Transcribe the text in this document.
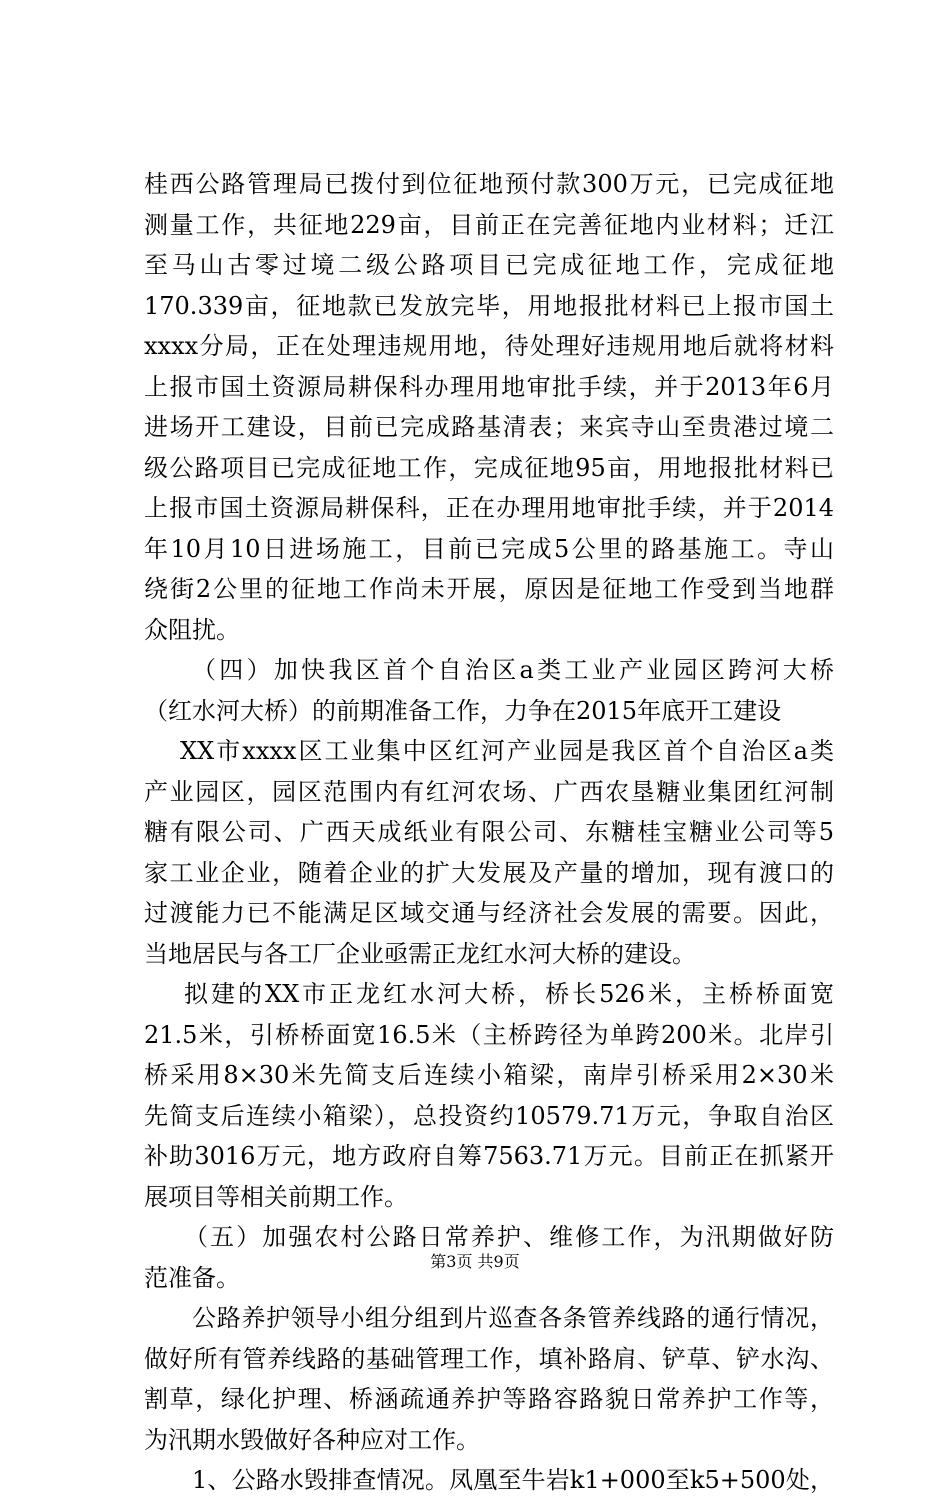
桂西公路管理局已拨付到位征地预付款300万元，已完成征地
测量工作，共征地229亩，目前正在完善征地内业材料；迁江
至马山古零过境二级公路项目已完成征地工作，完成征地
170.339亩，征地款已发放完毕，用地报批材料已上报市国土
xxxx分局，正在处理违规用地，待处理好违规用地后就将材料
上报市国土资源局耕保科办理用地审批手续，并于2013年6月
进场开工建设，目前已完成路基清表；来宾寺山至贵港过境二
级公路项目已完成征地工作，完成征地95亩，用地报批材料已
上报市国土资源局耕保科，正在办理用地审批手续，并于2014
年10月10日进场施工，目前已完成5公里的路基施工。寺山
绕街2公里的征地工作尚未开展，原因是征地工作受到当地群
众阻扰。
（四）加快我区首个自治区a类工业产业园区跨河大桥
（红水河大桥）的前期准备工作，力争在2015年底开工建设
XX市xxxx区工业集中区红河产业园是我区首个自治区a类
产业园区，园区范围内有红河农场、广西农垦糖业集团红河制
糖有限公司、广西天成纸业有限公司、东糖桂宝糖业公司等5
家工业企业，随着企业的扩大发展及产量的增加，现有渡口的
过渡能力已不能满足区域交通与经济社会发展的需要。因此，
当地居民与各工厂企业亟需正龙红水河大桥的建设。
拟建的XX市正龙红水河大桥，桥长526米，主桥桥面宽
21.5米，引桥桥面宽16.5米（主桥跨径为单跨200米。北岸引
桥采用8×30米先简支后连续小箱梁，南岸引桥采用2×30米
先简支后连续小箱梁），总投资约10579.71万元，争取自治区
补助3016万元，地方政府自筹7563.71万元。目前正在抓紧开
展项目等相关前期工作。
（五）加强农村公路日常养护、维修工作，为汛期做好防
范准备。
公路养护领导小组分组到片巡查各条管养线路的通行情况，
做好所有管养线路的基础管理工作，填补路肩、铲草、铲水沟、
割草，绿化护理、桥涵疏通养护等路容路貌日常养护工作等，
为汛期水毁做好各种应对工作。
1、公路水毁排查情况。凤凰至牛岩k1+000至k5+500处，
第3页 共9页
